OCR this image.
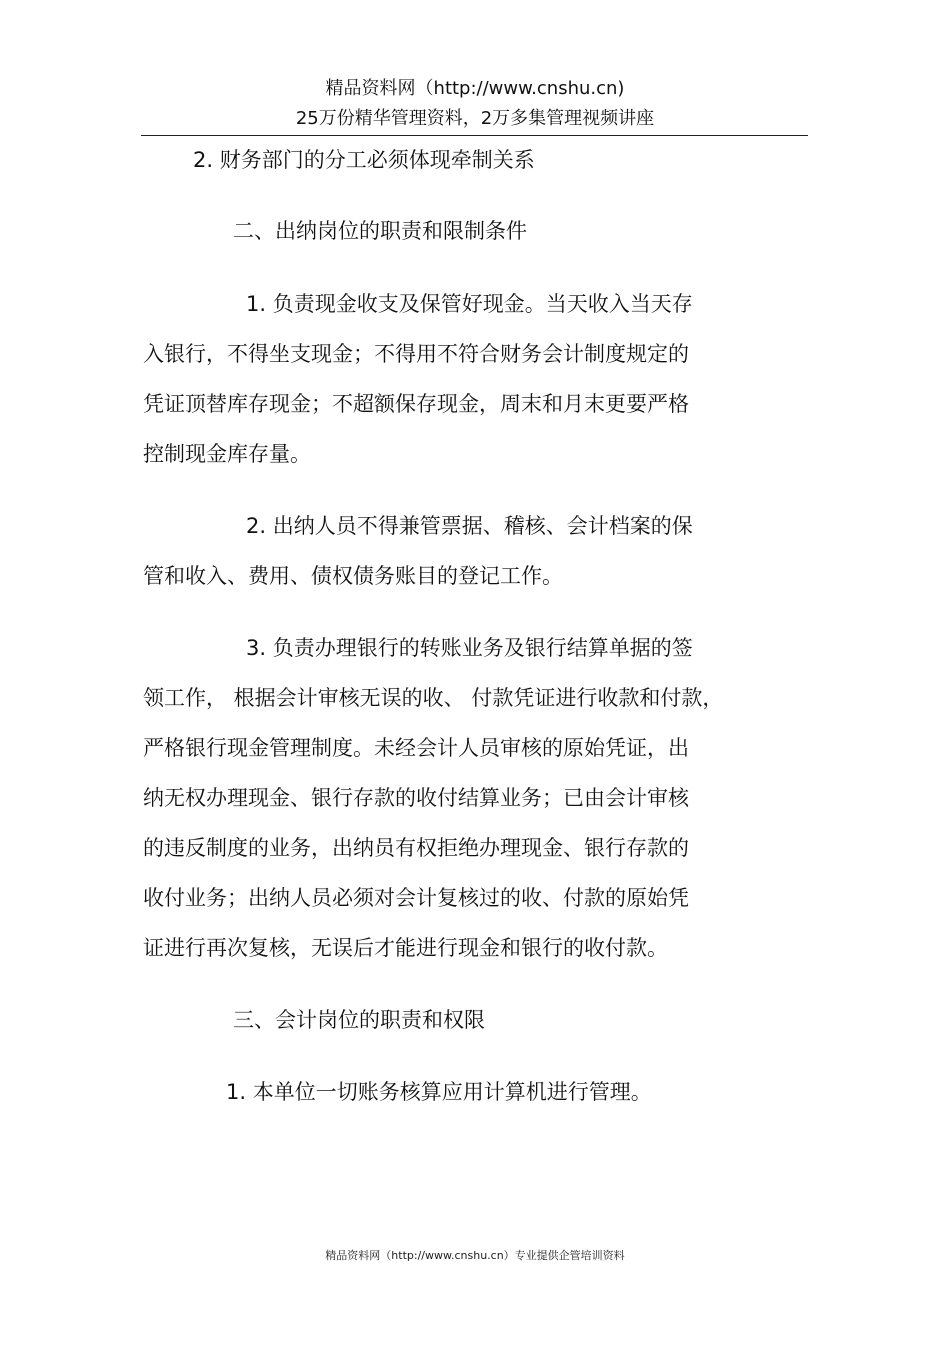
精品资料网（http://www.cnshu.cn)
25万份精华管理资料，2万多集管理视频讲座
2. 财务部门的分工必须体现牵制关系
二、出纳岗位的职责和限制条件
1. 负责现金收支及保管好现金。当天收入当天存
入银行，不得坐支现金；不得用不符合财务会计制度规定的
凭证顶替库存现金；不超额保存现金，周末和月末更要严格
控制现金库存量。
2. 出纳人员不得兼管票据、稽核、会计档案的保
管和收入、费用、债权债务账目的登记工作。
3. 负责办理银行的转账业务及银行结算单据的签
领工作， 根据会计审核无误的收、 付款凭证进行收款和付款，
严格银行现金管理制度。未经会计人员审核的原始凭证，出
纳无权办理现金、银行存款的收付结算业务；已由会计审核
的违反制度的业务，出纳员有权拒绝办理现金、银行存款的
收付业务；出纳人员必须对会计复核过的收、付款的原始凭
证进行再次复核，无误后才能进行现金和银行的收付款。
三、会计岗位的职责和权限
1. 本单位一切账务核算应用计算机进行管理。
精品资料网（http://www.cnshu.cn）专业提供企管培训资料
